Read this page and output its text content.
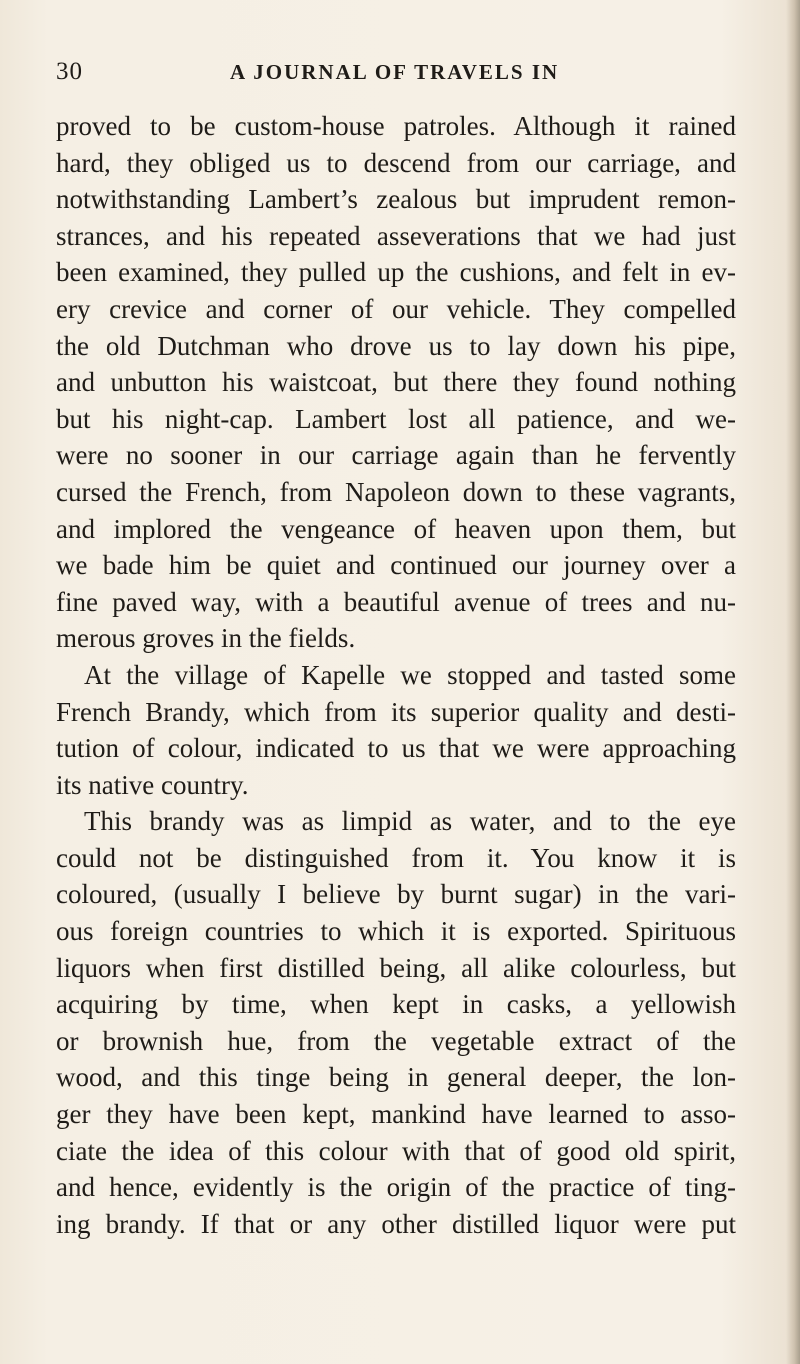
30	A JOURNAL OF TRAVELS IN
proved to be custom-house patroles. Although it rained
hard, they obliged us to descend from our carriage, and
notwithstanding Lambert’s zealous but imprudent remon-
strances, and his repeated asseverations that we had just
been examined, they pulled up the cushions, and felt in ev-
ery crevice and corner of our vehicle. They compelled
the old Dutchman who drove us to lay down his pipe,
and unbutton his waistcoat, but there they found nothing
but his night-cap. Lambert lost all patience, and we-
were no sooner in our carriage again than he fervently
cursed the French, from Napoleon down to these vagrants,
and implored the vengeance of heaven upon them, but
we bade him be quiet and continued our journey over a
fine paved way, with a beautiful avenue of trees and nu-
merous groves in the fields.
At the village of Kapelle we stopped and tasted some
French Brandy, which from its superior quality and desti-
tution of colour, indicated to us that we were approaching
its native country.
This brandy was as limpid as water, and to the eye
could not be distinguished from it. You know it is
coloured, (usually I believe by burnt sugar) in the vari-
ous foreign countries to which it is exported. Spirituous
liquors when first distilled being, all alike colourless, but
acquiring by time, when kept in casks, a yellowish
or brownish hue, from the vegetable extract of the
wood, and this tinge being in general deeper, the lon-
ger they have been kept, mankind have learned to asso-
ciate the idea of this colour with that of good old spirit,
and hence, evidently is the origin of the practice of ting-
ing brandy. If that or any other distilled liquor were put
